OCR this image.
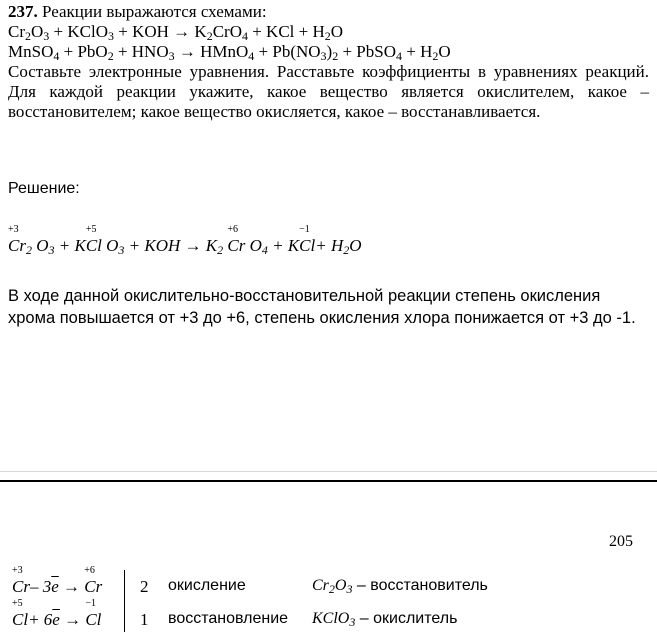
237. Реакции выражаются схемами:
$Cr_2O_3$ + KClO$_3$ + KOH → $K_2CrO_4$ + KCl + $H_2O$
MnSO$_4$ + $PbO_2 + HNO_3$ → HMnO$_4$ + $Pb(NO_3)_2$ + PbSO$_4$ + $H_2O$
Составьте электронные уравнения. Расставьте коэффициенты в уравнениях реакций. Для каждой реакции укажите, какое вещество является окислителем, какое – восстановителем; какое вещество окисляется, какое – восстанавливается.
Решение:
+3
$Cr_2$ $O_3 + K$
+5
Cl $O_3$ + KOH → $K_2$
+6
Cr $O_4 + K$
−1
$Cl+ H_2O$
В ходе данной окислительно-восстановительной реакции степень окисления хрома повышается от +3 до +6, степень окисления хлора понижается от +3 до -1.
205
+3
Cr– $3\overline{e}$ →
+6
Cr 2 окисление	$Cr_2O_3$ – восстановитель
+5
$Cl+ 6\overline{e}$ →
−1
Cl 1 восстановление KClO$_3$ – окислитель
